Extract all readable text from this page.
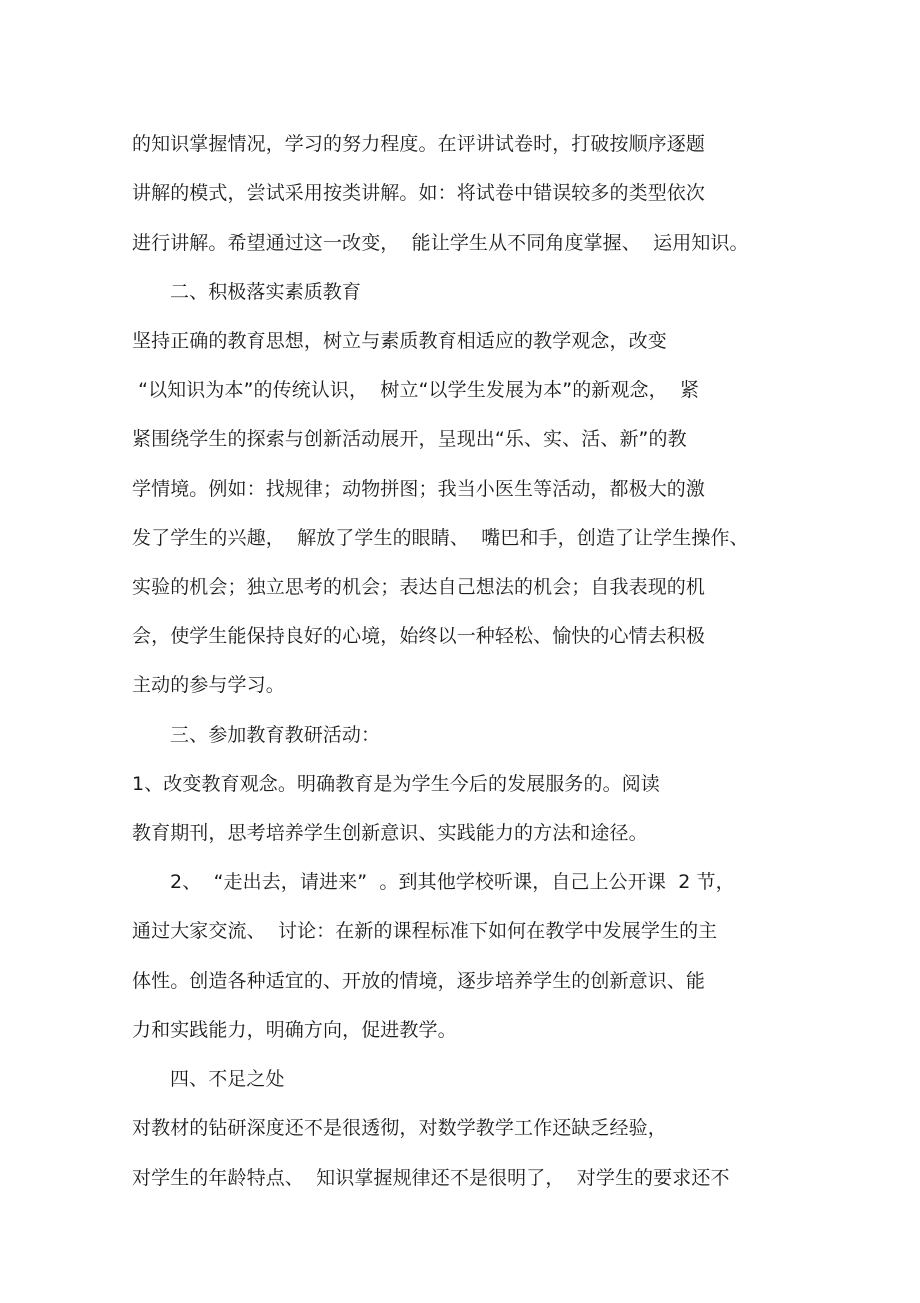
的知识掌握情况，学习的努力程度。在评讲试卷时，打破按顺序逐题
讲解的模式，尝试采用按类讲解。如：将试卷中错误较多的类型依次
进行讲解。希望通过这一改变，  能让学生从不同角度掌握、  运用知识。
二、积极落实素质教育
坚持正确的教育思想，树立与素质教育相适应的教学观念，改变
“以知识为本”的传统认识，  树立“以学生发展为本”的新观念，  紧
紧围绕学生的探索与创新活动展开，呈现出“乐、实、活、新”的教
学情境。例如：找规律；动物拼图；我当小医生等活动，都极大的激
发了学生的兴趣，  解放了学生的眼睛、  嘴巴和手，创造了让学生操作、
实验的机会；独立思考的机会；表达自己想法的机会；自我表现的机
会，使学生能保持良好的心境，始终以一种轻松、愉快的心情去积极
主动的参与学习。
三、参加教育教研活动：
1、改变教育观念。明确教育是为学生今后的发展服务的。阅读
教育期刊，思考培养学生创新意识、实践能力的方法和途径。
2、  “走出去，请进来”  。到其他学校听课，自己上公开课  2 节，
通过大家交流、  讨论：在新的课程标准下如何在教学中发展学生的主
体性。创造各种适宜的、开放的情境，逐步培养学生的创新意识、能
力和实践能力，明确方向，促进教学。
四、不足之处
对教材的钻研深度还不是很透彻，对数学教学工作还缺乏经验，
对学生的年龄特点、  知识掌握规律还不是很明了，  对学生的要求还不
